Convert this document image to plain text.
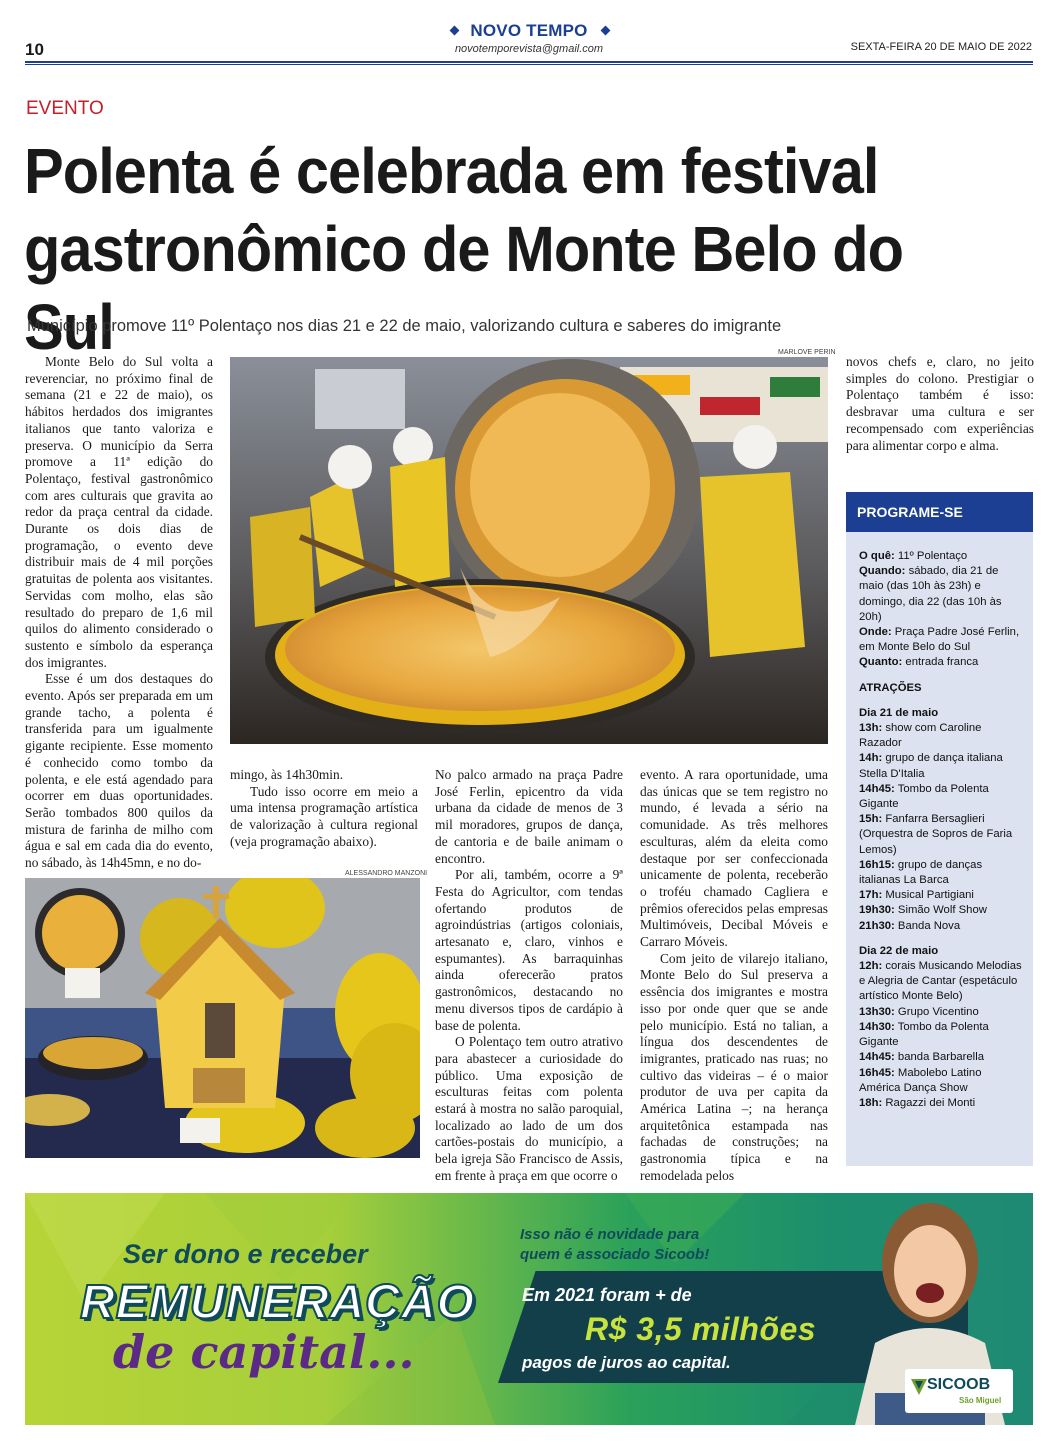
10
NOVO TEMPO
novotemporevista@gmail.com	SEXTA-FEIRA 20 DE MAIO DE 2022
EVENTO
Polenta é celebrada em festival
gastronômico de Monte Belo do Sul
Município promove 11º Polentaço nos dias 21 e 22 de maio, valorizando cultura e saberes do imigrante

Monte Belo do Sul volta a reverenciar, no próximo final de semana (21 e 22 de maio), os hábitos herdados dos imigrantes italianos que tanto valoriza e preserva. O município da Serra promove a 11ª edição do Polentaço, festival gastronômico com ares culturais que gravita ao redor da praça central da cidade. Durante os dois dias de programação, o evento deve distribuir mais de 4 mil porções gratuitas de polenta aos visitantes. Servidas com molho, elas são resultado do preparo de 1,6 mil quilos do alimento considerado o sustento e símbolo da esperança dos imigrantes.

Esse é um dos destaques do evento. Após ser preparada em um grande tacho, a polenta é transferida para um igualmente gigante recipiente. Esse momento é conhecido como tombo da polenta, e ele está agendado para ocorrer em duas oportunidades. Serão tombados 800 quilos da mistura de farinha de milho com água e sal em cada dia do evento, no sábado, às 14h45mn, e no do-

MARLOVE PERIN

mingo, às 14h30min.

Tudo isso ocorre em meio a uma intensa programação artística de valorização à cultura regional (veja programação abaixo).

ALESSANDRO MANZONI

No palco armado na praça Padre José Ferlin, epicentro da vida urbana da cidade de menos de 3 mil moradores, grupos de dança, de cantoria e de baile animam o encontro.

Por ali, também, ocorre a 9ª Festa do Agricultor, com tendas ofertando produtos de agroindústrias (artigos coloniais, artesanato e, claro, vinhos e espumantes). As barraquinhas ainda oferecerão pratos gastronômicos, destacando no menu diversos tipos de cardápio à base de polenta.

O Polentaço tem outro atrativo para abastecer a curiosidade do público. Uma exposição de esculturas feitas com polenta estará à mostra no salão paroquial, localizado ao lado de um dos cartões-postais do município, a bela igreja São Francisco de Assis, em frente à praça em que ocorre o

evento. A rara oportunidade, uma das únicas que se tem registro no mundo, é levada a sério na comunidade. As três melhores esculturas, além da eleita como destaque por ser confeccionada unicamente de polenta, receberão o troféu chamado Cagliera e prêmios oferecidos pelas empresas Multimóveis, Decibal Móveis e Carraro Móveis.

Com jeito de vilarejo italiano, Monte Belo do Sul preserva a essência dos imigrantes e mostra isso por onde quer que se ande pelo município. Está no talian, a língua dos descendentes de imigrantes, praticado nas ruas; no cultivo das videiras – é o maior produtor de uva per capita da América Latina –; na herança arquitetônica estampada nas fachadas de construções; na gastronomia típica e na remodelada pelos

novos chefs e, claro, no jeito simples do colono. Prestigiar o Polentaço também é isso: desbravar uma cultura e ser recompensado com experiências para alimentar corpo e alma.

PROGRAME-SE
O quê: 11º Polentaço
Quando: sábado, dia 21 de maio (das 10h às 23h) e domingo, dia 22 (das 10h às 20h)
Onde: Praça Padre José Ferlin, em Monte Belo do Sul
Quanto: entrada franca
ATRAÇÕES
Dia 21 de maio
13h: show com Caroline Razador
14h: grupo de dança italiana Stella D'Italia
14h45: Tombo da Polenta Gigante
15h: Fanfarra Bersaglieri (Orquestra de Sopros de Faria Lemos)
16h15: grupo de danças italianas La Barca
17h: Musical Partigiani
19h30: Simão Wolf Show
21h30: Banda Nova
Dia 22 de maio
12h: corais Musicando Melodias e Alegria de Cantar (espetáculo artístico Monte Belo)
13h30: Grupo Vicentino
14h30: Tombo da Polenta Gigante
14h45: banda Barbarella
16h45: Mabolebo Latino América Dança Show
18h: Ragazzi dei Monti
Ser dono e receber
REMUNERAÇÃO
de capital...
Isso não é novidade para
quem é associado Sicoob!
Em 2021 foram + de
R$ 3,5 milhões
pagos de juros ao capital.
SICOOB
São Miguel
